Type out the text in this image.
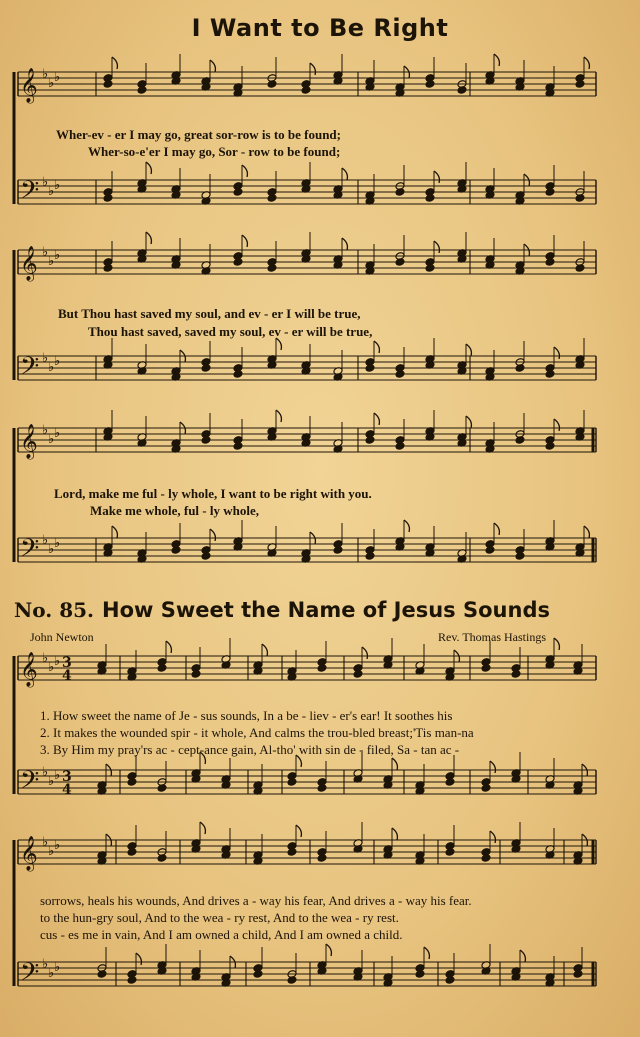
I Want to Be Right
𝄞 ♭
♭ ♭
𝄢 ♭
♭ ♭
Wher-ev - er I may go, great sor-row is to be found;
Wher-so-e'er I may go, Sor - row to be found;
𝄞 ♭
♭ ♭
𝄢 ♭
♭ ♭
But Thou hast saved my soul, and ev - er I will be true,
Thou hast saved, saved my soul, ev - er will be true,
𝄞 ♭
♭ ♭
𝄢 ♭
♭ ♭
Lord, make me ful - ly whole, I want to be right with you.
Make me whole, ful - ly whole,
No. 85. How Sweet the Name of Jesus Sounds
John Newton	Rev. Thomas Hastings
𝄞 ♭
♭ ♭
𝄢 ♭
♭ ♭
3
4
3
4
1. How sweet the name of Je - sus sounds, In a be - liev - er's ear! It soothes his
2. It makes the wounded spir - it whole, And calms the trou-bled breast;'Tis man-na
3. By Him my pray'rs ac - cept-ance gain, Al-tho' with sin de - filed, Sa - tan ac -
𝄞 ♭
♭ ♭
𝄢 ♭
♭ ♭
sorrows, heals his wounds, And drives a - way his fear, And drives a - way his fear.
to the hun-gry soul, And to the wea - ry rest, And to the wea - ry rest.
cus - es me in vain, And I am owned a child, And I am owned a child.
